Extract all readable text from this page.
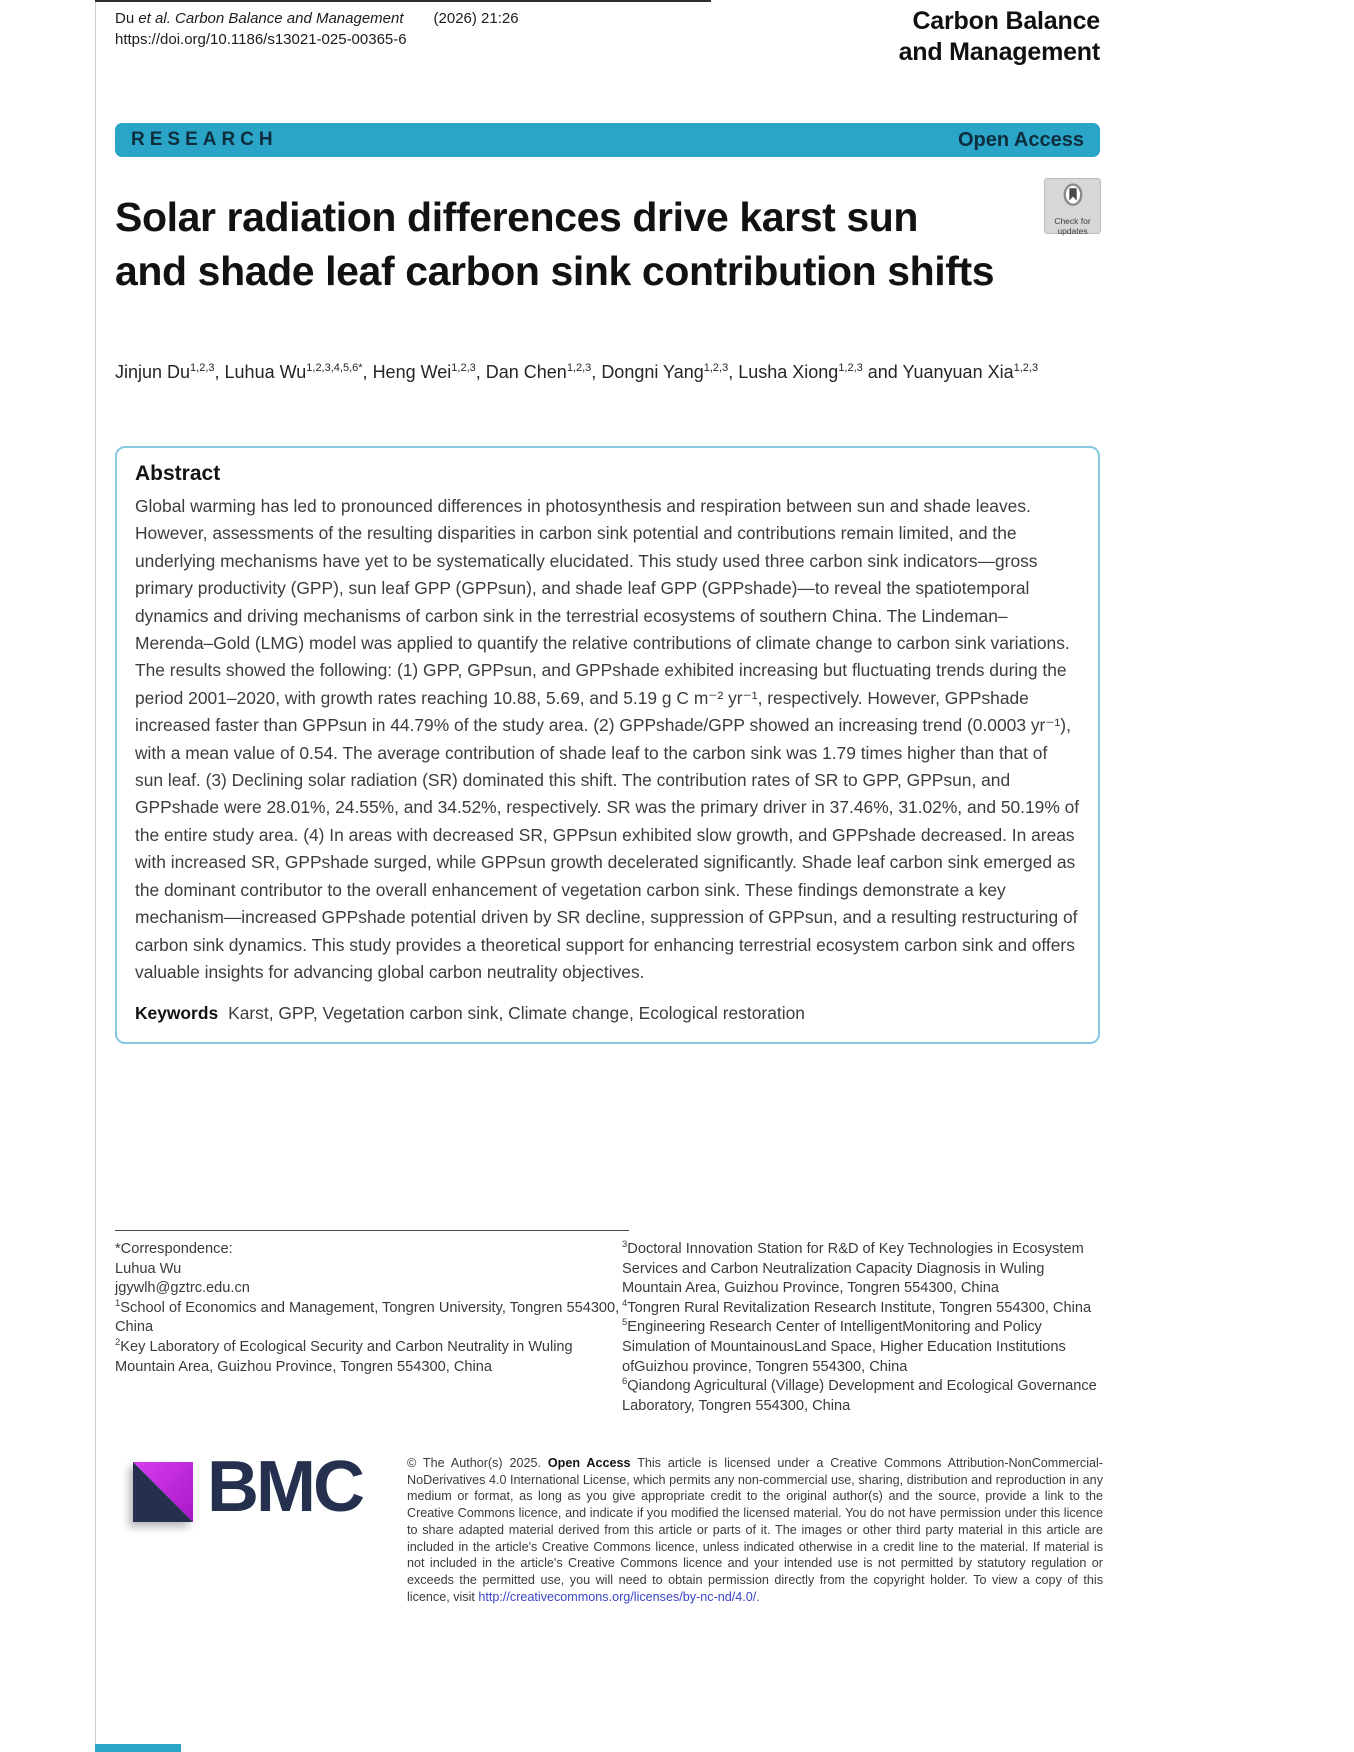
Du et al. Carbon Balance and Management (2026) 21:26
https://doi.org/10.1186/s13021-025-00365-6
Carbon Balance
and Management
RESEARCH	Open Access
Check for
updates
Solar radiation differences drive karst sun
and shade leaf carbon sink contribution shifts
Jinjun Du$^{1,2,3}$, Luhua $Wu^{1,2,3,4,5,6*}$, Heng Wei$^{1,2,3}$, Dan Chen$^{1,2,3}$, Dongni Yang$^{1,2,3}$, Lusha Xiong$^{1,2,3}$ and Yuanyuan Xia$^{1,2,3}$

Abstract

Global warming has led to pronounced differences in photosynthesis and respiration between sun and shade leaves. However, assessments of the resulting disparities in carbon sink potential and contributions remain limited, and the underlying mechanisms have yet to be systematically elucidated. This study used three carbon sink indicators—gross primary productivity (GPP), sun leaf GPP (GPPsun), and shade leaf GPP (GPPshade)—to reveal the spatiotemporal dynamics and driving mechanisms of carbon sink in the terrestrial ecosystems of southern China. The Lindeman–Merenda–Gold (LMG) model was applied to quantify the relative contributions of climate change to carbon sink variations. The results showed the following: (1) GPP, GPPsun, and GPPshade exhibited increasing but fluctuating trends during the period 2001–2020, with growth rates reaching 10.88, 5.69, and 5.19 g C m⁻² yr⁻¹, respectively. However, GPPshade increased faster than GPPsun in 44.79% of the study area. (2) GPPshade/GPP showed an increasing trend (0.0003 yr⁻¹), with a mean value of 0.54. The average contribution of shade leaf to the carbon sink was 1.79 times higher than that of sun leaf. (3) Declining solar radiation (SR) dominated this shift. The contribution rates of SR to GPP, GPPsun, and GPPshade were 28.01%, 24.55%, and 34.52%, respectively. SR was the primary driver in 37.46%, 31.02%, and 50.19% of the entire study area. (4) In areas with decreased SR, GPPsun exhibited slow growth, and GPPshade decreased. In areas with increased SR, GPPshade surged, while GPPsun growth decelerated significantly. Shade leaf carbon sink emerged as the dominant contributor to the overall enhancement of vegetation carbon sink. These findings demonstrate a key mechanism—increased GPPshade potential driven by SR decline, suppression of GPPsun, and a resulting restructuring of carbon sink dynamics. This study provides a theoretical support for enhancing terrestrial ecosystem carbon sink and offers valuable insights for advancing global carbon neutrality objectives.

Keywords Karst, GPP, Vegetation carbon sink, Climate change, Ecological restoration

*Correspondence:
Luhua Wu
jgywlh@gztrc.edu.cn
$^1$School of Economics and Management, Tongren University, Tongren 554300, China
$^2$Key Laboratory of Ecological Security and Carbon Neutrality in Wuling Mountain Area, Guizhou Province, Tongren 554300, China
$^3$Doctoral Innovation Station for R&D of Key Technologies in Ecosystem Services and Carbon Neutralization Capacity Diagnosis in Wuling Mountain Area, Guizhou Province, Tongren 554300, China
$^4$Tongren Rural Revitalization Research Institute, Tongren 554300, China
$^5$Engineering Research Center of IntelligentMonitoring and Policy Simulation of MountainousLand Space, Higher Education Institutions ofGuizhou province, Tongren 554300, China
$^6$Qiandong Agricultural (Village) Development and Ecological Governance Laboratory, Tongren 554300, China
BMC	© The Author(s) 2025. Open Access This article is licensed under a Creative Commons Attribution-NonCommercial-NoDerivatives 4.0 International License, which permits any non-commercial use, sharing, distribution and reproduction in any medium or format, as long as you give appropriate credit to the original author(s) and the source, provide a link to the Creative Commons licence, and indicate if you modified the licensed material. You do not have permission under this licence to share adapted material derived from this article or parts of it. The images or other third party material in this article are included in the article's Creative Commons licence, unless indicated otherwise in a credit line to the material. If material is not included in the article's Creative Commons licence and your intended use is not permitted by statutory regulation or exceeds the permitted use, you will need to obtain permission directly from the copyright holder. To view a copy of this licence, visit http://creativecommons.org/licenses/by-nc-nd/4.0/.
